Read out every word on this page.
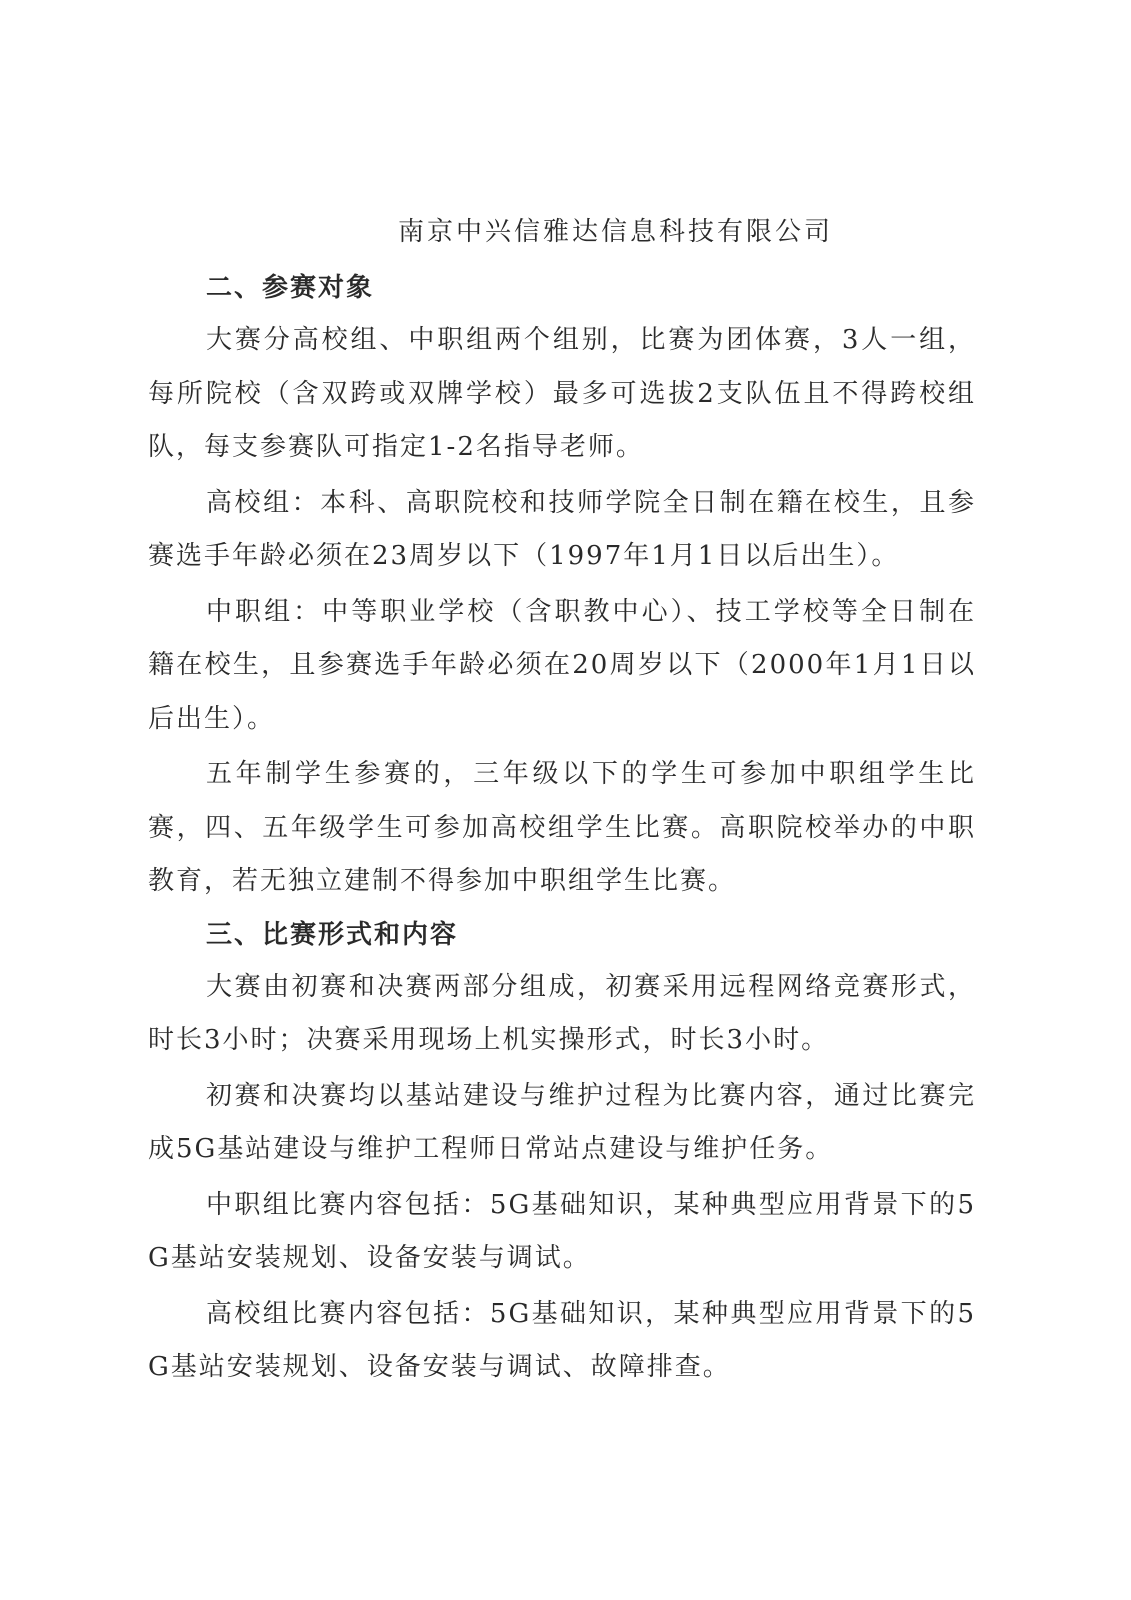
南京中兴信雅达信息科技有限公司
二、参赛对象

大赛分高校组、中职组两个组别，比赛为团体赛，3人一组，每所院校（含双跨或双牌学校）最多可选拔2支队伍且不得跨校组队，每支参赛队可指定1-2名指导老师。

高校组：本科、高职院校和技师学院全日制在籍在校生，且参赛选手年龄必须在23周岁以下（1997年1月1日以后出生）。

中职组：中等职业学校（含职教中心）、技工学校等全日制在籍在校生，且参赛选手年龄必须在20周岁以下（2000年1月1日以后出生）。

五年制学生参赛的，三年级以下的学生可参加中职组学生比赛，四、五年级学生可参加高校组学生比赛。高职院校举办的中职教育，若无独立建制不得参加中职组学生比赛。

三、比赛形式和内容

大赛由初赛和决赛两部分组成，初赛采用远程网络竞赛形式，时长3小时；决赛采用现场上机实操形式，时长3小时。

初赛和决赛均以基站建设与维护过程为比赛内容，通过比赛完成5G基站建设与维护工程师日常站点建设与维护任务。

中职组比赛内容包括：5G基础知识，某种典型应用背景下的5G基站安装规划、设备安装与调试。

高校组比赛内容包括：5G基础知识，某种典型应用背景下的5G基站安装规划、设备安装与调试、故障排查。
